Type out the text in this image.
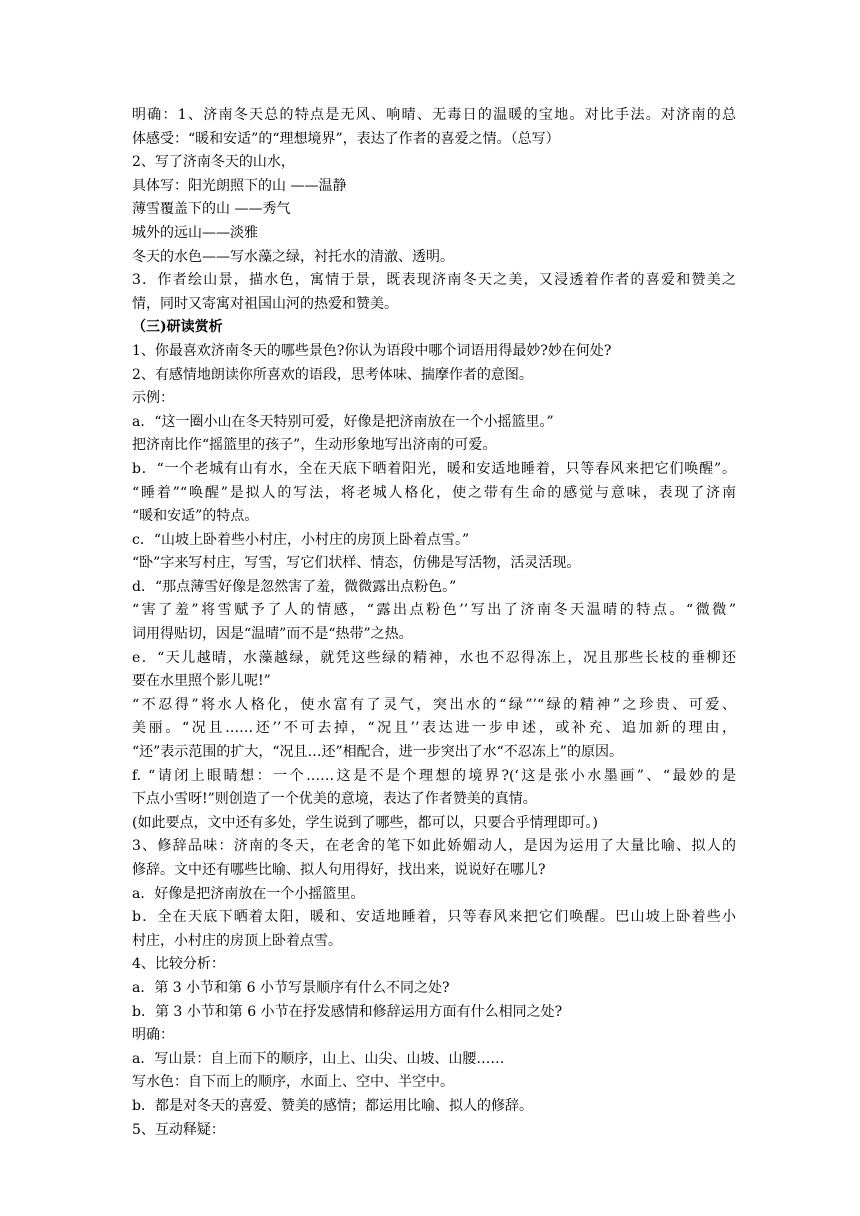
明确：1、济南冬天总的特点是无风、响晴、无毒日的温暖的宝地。对比手法。对济南的总
体感受：“暖和安适”的“理想境界”，表达了作者的喜爱之情。（总写）
2、写了济南冬天的山水，
具体写：阳光朗照下的山 ——温静
薄雪覆盖下的山 ——秀气
城外的远山——淡雅
冬天的水色——写水藻之绿，衬托水的清澈、透明。
3．作者绘山景，描水色，寓情于景，既表现济南冬天之美，又浸透着作者的喜爱和赞美之
情，同时又寄寓对祖国山河的热爱和赞美。
（三)研读赏析
1、你最喜欢济南冬天的哪些景色?你认为语段中哪个词语用得最妙?妙在何处?
2、有感情地朗读你所喜欢的语段，思考体味、揣摩作者的意图。
示例：
a．“这一圈小山在冬天特别可爱，好像是把济南放在一个小摇篮里。”
把济南比作“摇篮里的孩子”，生动形象地写出济南的可爱。
b．“一个老城有山有水，全在天底下晒着阳光，暖和安适地睡着，只等春风来把它们唤醒”。
“睡着”“唤醒”是拟人的写法，将老城人格化，使之带有生命的感觉与意味，表现了济南
“暖和安适”的特点。
c．“山坡上卧着些小村庄，小村庄的房顶上卧着点雪。”
“卧”字来写村庄，写雪，写它们状样、情态，仿佛是写活物，活灵活现。
d．“那点薄雪好像是忽然害了羞，微微露出点粉色。”
“害了羞”将雪赋予了人的情感，“露出点粉色’’写出了济南冬天温晴的特点。“微微”
词用得贴切，因是“温晴”而不是“热带”之热。
e．“天儿越晴，水藻越绿，就凭这些绿的精神，水也不忍得冻上，况且那些长枝的垂柳还
要在水里照个影儿呢!”
“不忍得”将水人格化，使水富有了灵气，突出水的“绿”’“绿的精神”之珍贵、可爱、
美丽。“况且……还’’不可去掉，“况且’’表达进一步申述，或补充、追加新的理由，
“还”表示范围的扩大，“况且…还”相配合，进一步突出了水“不忍冻上”的原因。
f. “请闭上眼睛想：一个……这是不是个理想的境界?(‘这是张小水墨画”、“最妙的是
下点小雪呀!”则创造了一个优美的意境，表达了作者赞美的真情。
(如此要点，文中还有多处，学生说到了哪些，都可以，只要合乎情理即可。)
3、修辞品味：济南的冬天，在老舍的笔下如此娇媚动人，是因为运用了大量比喻、拟人的
修辞。文中还有哪些比喻、拟人句用得好，找出来，说说好在哪儿?
a．好像是把济南放在一个小摇篮里。
b．全在天底下晒着太阳，暖和、安适地睡着，只等春风来把它们唤醒。巴山坡上卧着些小
村庄，小村庄的房顶上卧着点雪。
4、比较分析：
a．第 3 小节和第 6 小节写景顺序有什么不同之处?
b．第 3 小节和第 6 小节在抒发感情和修辞运用方面有什么相同之处?
明确：
a．写山景：自上而下的顺序，山上、山尖、山坡、山腰……
写水色：自下而上的顺序，水面上、空中、半空中。
b．都是对冬天的喜爱、赞美的感情；都运用比喻、拟人的修辞。
5、互动释疑：
